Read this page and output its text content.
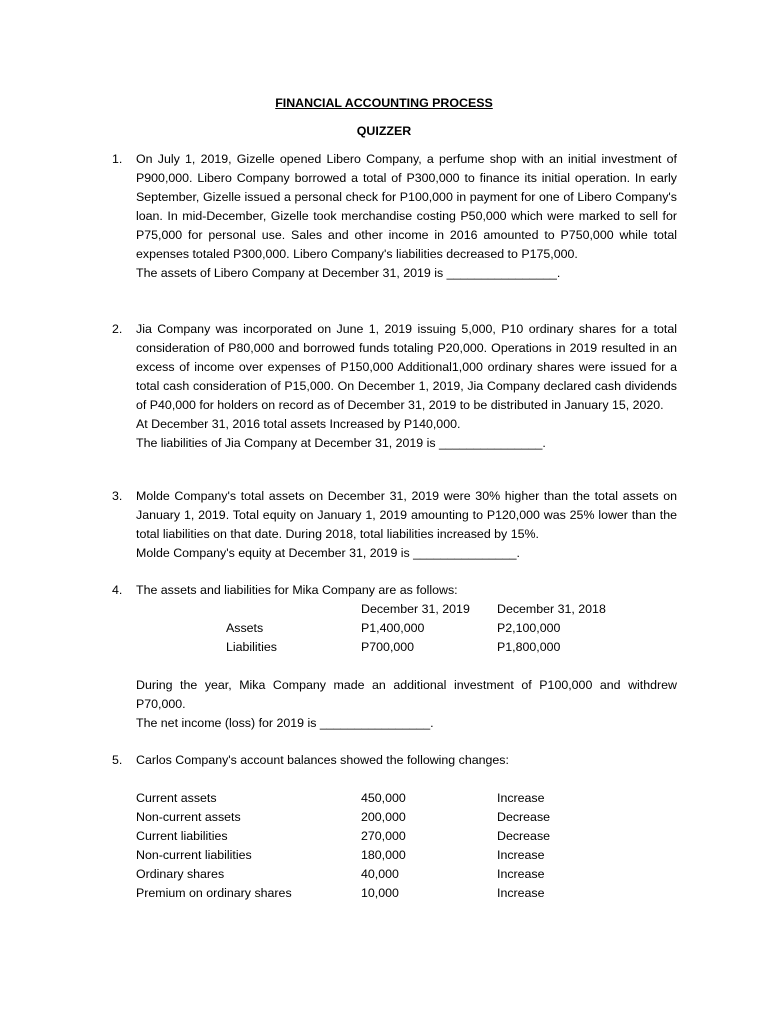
FINANCIAL ACCOUNTING PROCESS
QUIZZER
1. On July 1, 2019, Gizelle opened Libero Company, a perfume shop with an initial investment of P900,000. Libero Company borrowed a total of P300,000 to finance its initial operation. In early September, Gizelle issued a personal check for P100,000 in payment for one of Libero Company's loan. In mid-December, Gizelle took merchandise costing P50,000 which were marked to sell for P75,000 for personal use. Sales and other income in 2016 amounted to P750,000 while total expenses totaled P300,000. Libero Company's liabilities decreased to P175,000.

The assets of Libero Company at December 31, 2019 is ________________.

2. Jia Company was incorporated on June 1, 2019 issuing 5,000, P10 ordinary shares for a total consideration of P80,000 and borrowed funds totaling P20,000. Operations in 2019 resulted in an excess of income over expenses of P150,000 Additional1,000 ordinary shares were issued for a total cash consideration of P15,000. On December 1, 2019, Jia Company declared cash dividends of P40,000 for holders on record as of December 31, 2019 to be distributed in January 15, 2020.

At December 31, 2016 total assets Increased by P140,000.

The liabilities of Jia Company at December 31, 2019 is _______________.

3. Molde Company's total assets on December 31, 2019 were 30% higher than the total assets on January 1, 2019. Total equity on January 1, 2019 amounting to P120,000 was 25% lower than the total liabilities on that date. During 2018, total liabilities increased by 15%.

Molde Company's equity at December 31, 2019 is _______________.

4. The assets and liabilities for Mika Company are as follows:

December 31, 2019 December 31, 2018
Assets	P1,400,000	P2,100,000
Liabilities	P700,000	P1,800,000

During the year, Mika Company made an additional investment of P100,000 and withdrew P70,000.

The net income (loss) for 2019 is ________________.

5. Carlos Company's account balances showed the following changes:

Current assets	450,000	Increase
Non-current assets	200,000	Decrease
Current liabilities	270,000	Decrease
Non-current liabilities	180,000	Increase
Ordinary shares	40,000	Increase
Premium on ordinary shares	10,000	Increase
